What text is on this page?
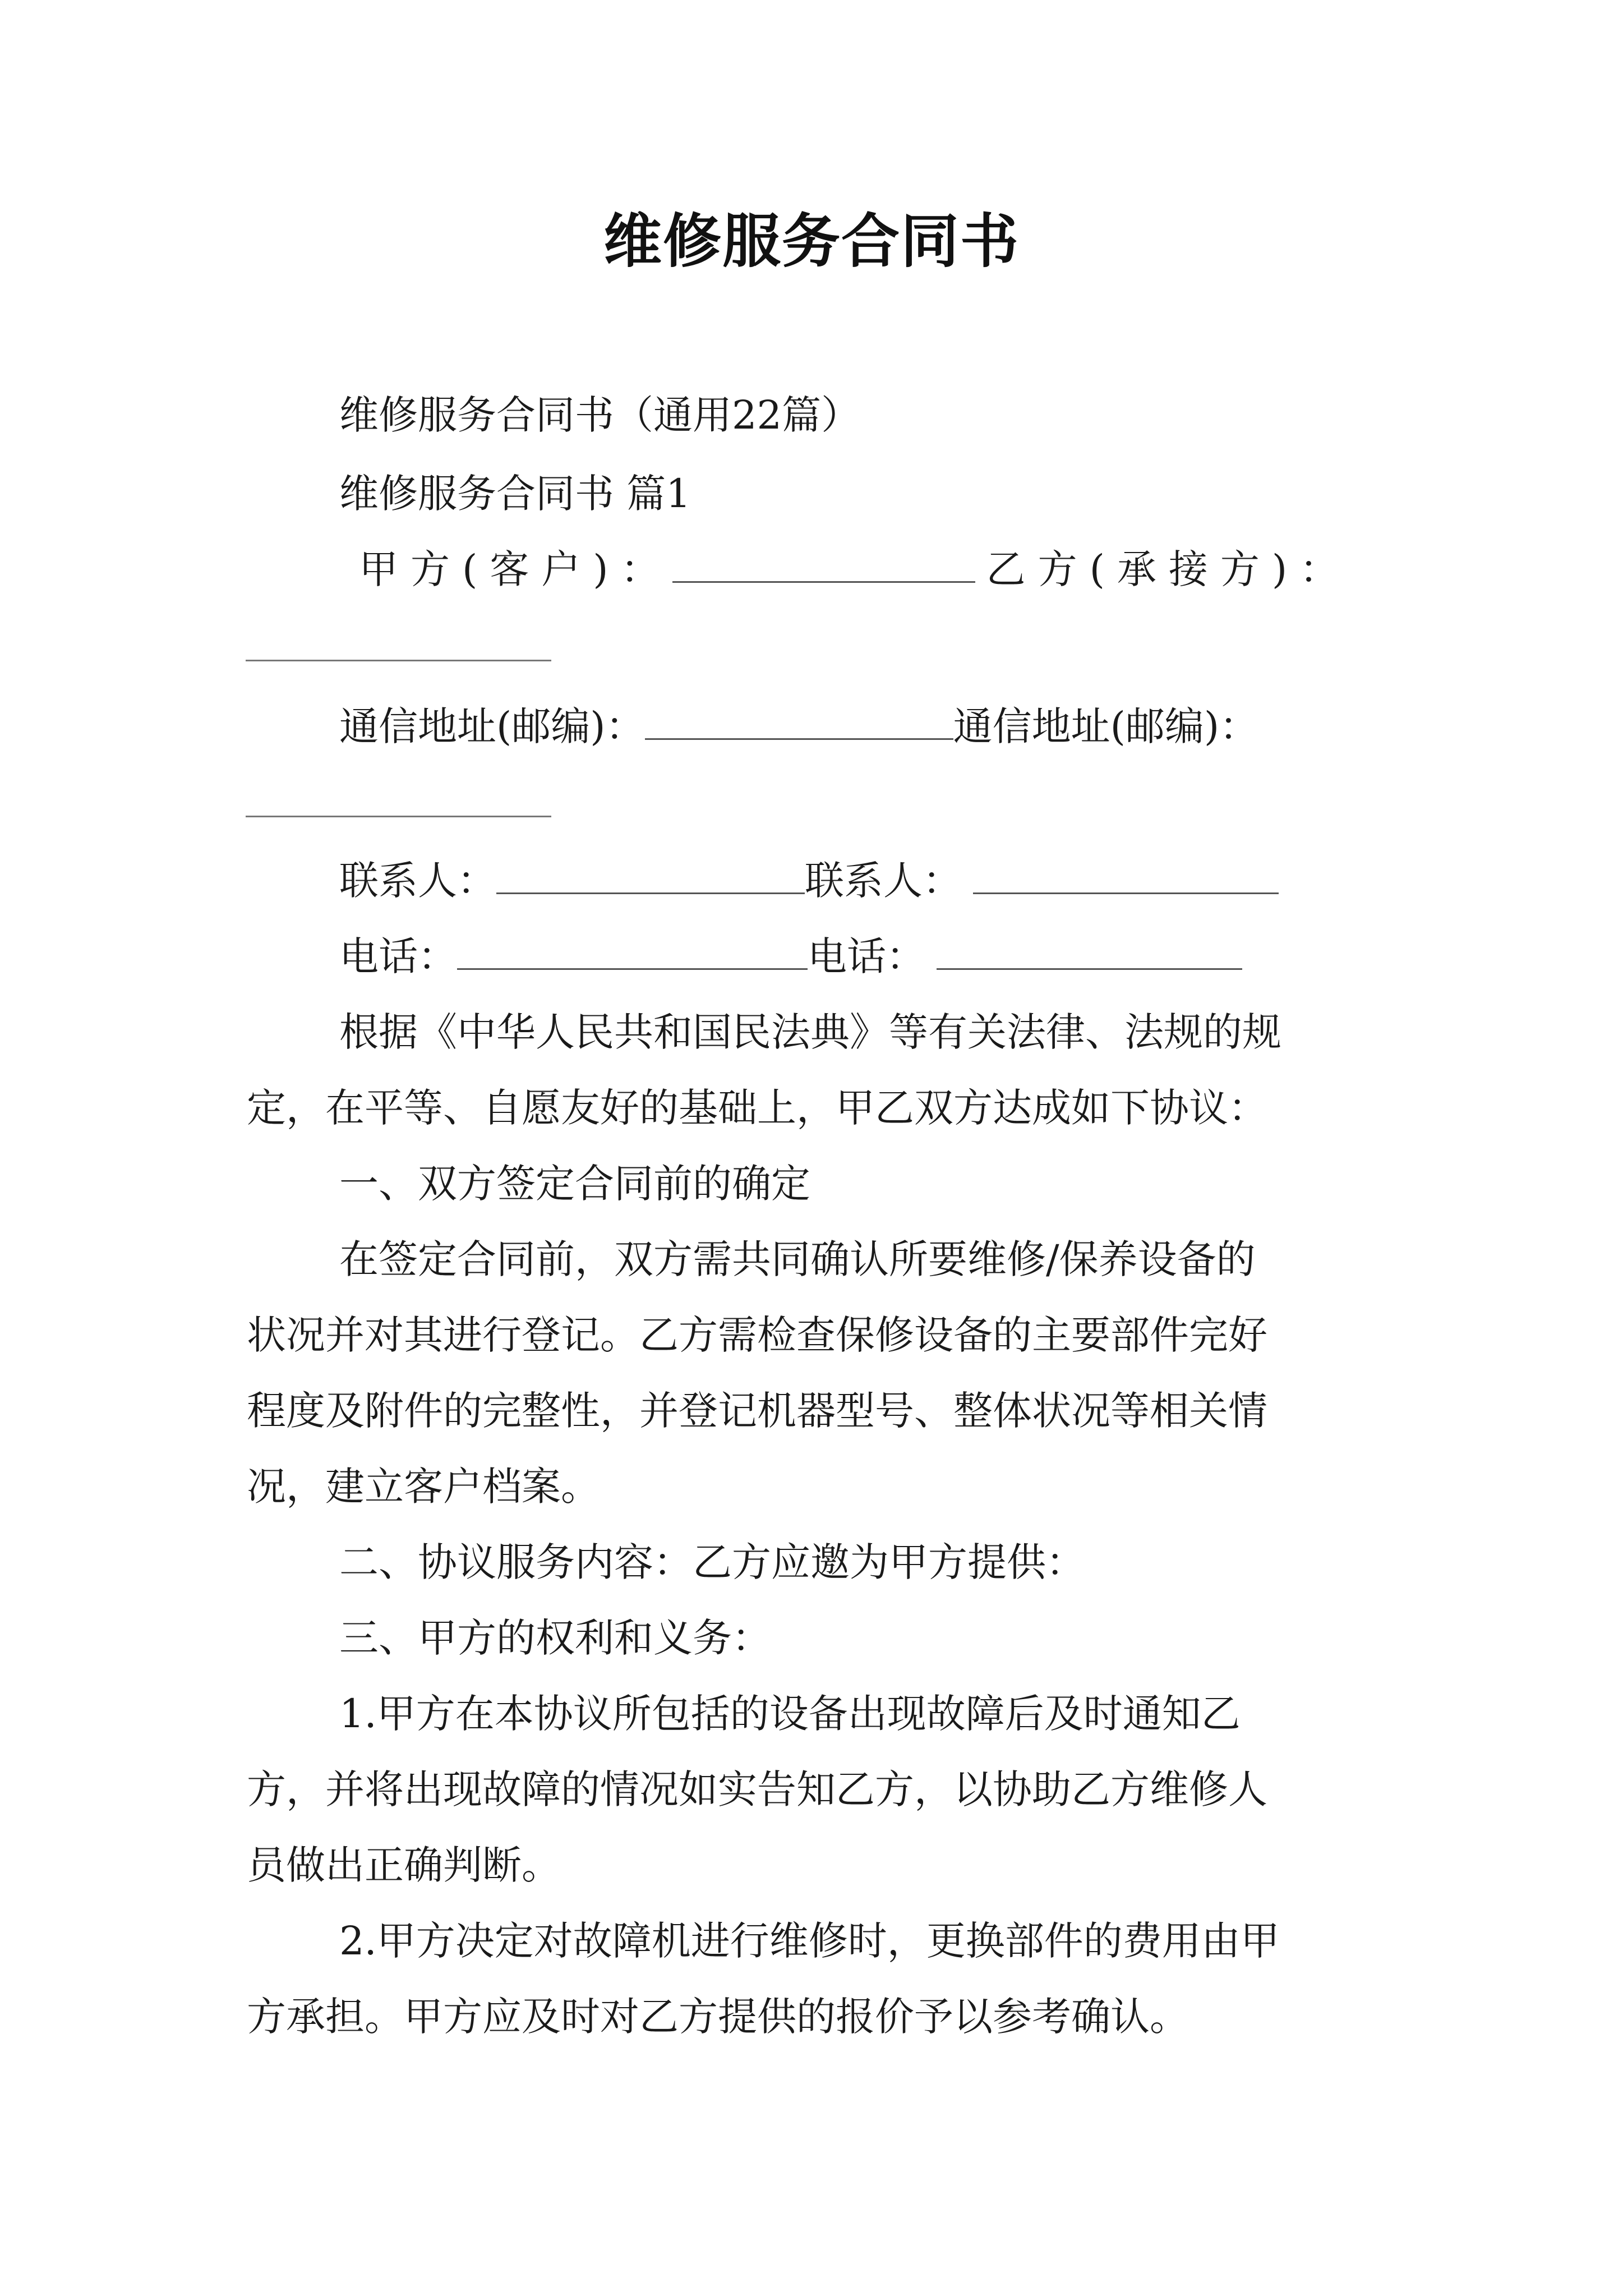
维修服务合同书
维修服务合同书（通用22篇）
维修服务合同书 篇1
甲方(客户)：	乙方(承接方)：
通信地址(邮编)：	通信地址(邮编)：
联系人：	联系人：
电话：	电话：
根据《中华人民共和国民法典》等有关法律、法规的规
定，在平等、自愿友好的基础上，甲乙双方达成如下协议：
一、双方签定合同前的确定
在签定合同前，双方需共同确认所要维修/保养设备的
状况并对其进行登记。乙方需检查保修设备的主要部件完好
程度及附件的完整性，并登记机器型号、整体状况等相关情
况，建立客户档案。
二、协议服务内容：乙方应邀为甲方提供：
三、甲方的权利和义务：
1.甲方在本协议所包括的设备出现故障后及时通知乙
方，并将出现故障的情况如实告知乙方，以协助乙方维修人
员做出正确判断。
2.甲方决定对故障机进行维修时，更换部件的费用由甲
方承担。甲方应及时对乙方提供的报价予以参考确认。
